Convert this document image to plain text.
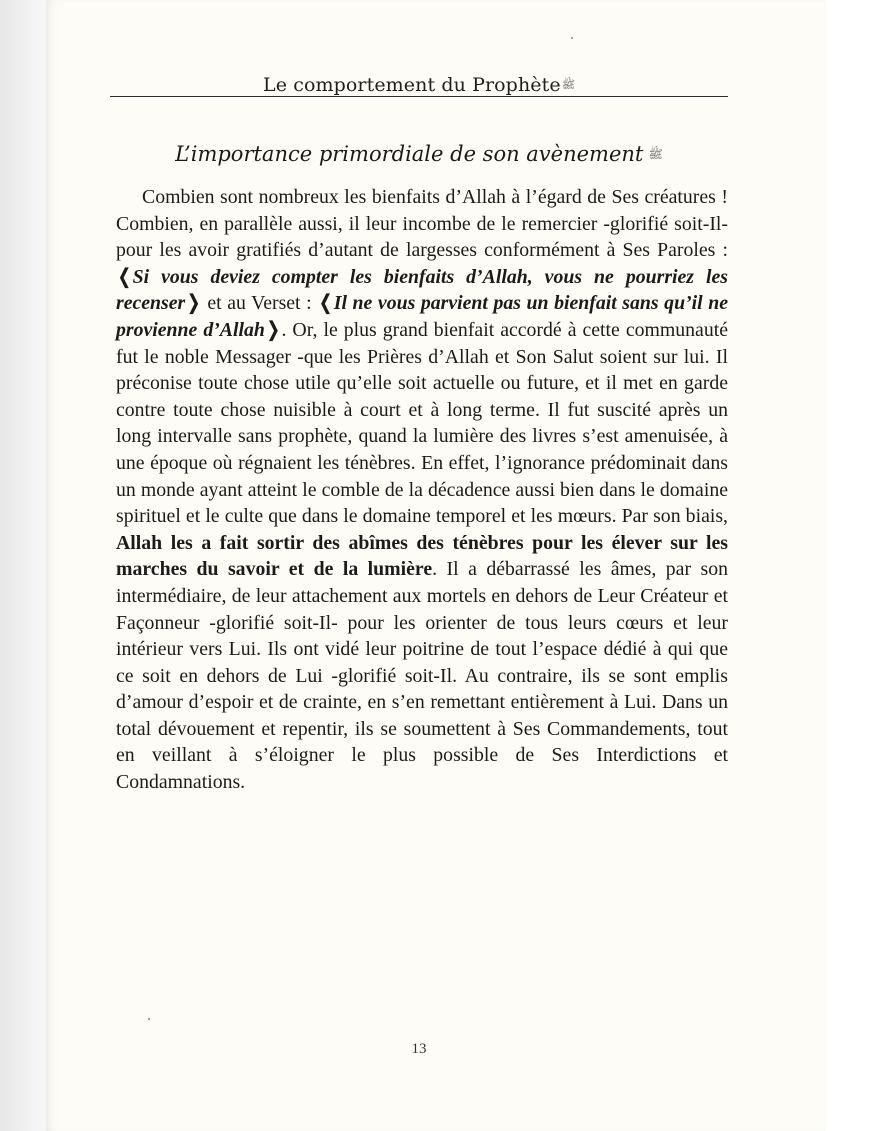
Le comportement du Prophèteﷺ
L’importance primordiale de son avènement ﷺ
Combien sont nombreux les bienfaits d’Allah à l’égard de Ses créatures ! Combien, en parallèle aussi, il leur incombe de le remercier -glorifié soit-Il- pour les avoir gratifiés d’autant de largesses conformément à Ses Paroles : ❬Si vous deviez compter les bienfaits d’Allah, vous ne pourriez les recenser❭ et au Verset : ❬Il ne vous parvient pas un bienfait sans qu’il ne provienne d’Allah❭. Or, le plus grand bienfait accordé à cette communauté fut le noble Messager -que les Prières d’Allah et Son Salut soient sur lui. Il préconise toute chose utile qu’elle soit actuelle ou future, et il met en garde contre toute chose nuisible à court et à long terme. Il fut suscité après un long intervalle sans prophète, quand la lumière des livres s’est amenuisée, à une époque où régnaient les ténèbres. En effet, l’ignorance prédominait dans un monde ayant atteint le comble de la décadence aussi bien dans le domaine spirituel et le culte que dans le domaine temporel et les mœurs. Par son biais, Allah les a fait sortir des abîmes des ténèbres pour les élever sur les marches du savoir et de la lumière. Il a débarrassé les âmes, par son intermédiaire, de leur attachement aux mortels en dehors de Leur Créateur et Façonneur -glorifié soit-Il- pour les orienter de tous leurs cœurs et leur intérieur vers Lui. Ils ont vidé leur poitrine de tout l’espace dédié à qui que ce soit en dehors de Lui -glorifié soit-Il. Au contraire, ils se sont emplis d’amour d’espoir et de crainte, en s’en remettant entièrement à Lui. Dans un total dévouement et repentir, ils se soumettent à Ses Commandements, tout en veillant à s’éloigner le plus possible de Ses Interdictions et Condamnations.
13
